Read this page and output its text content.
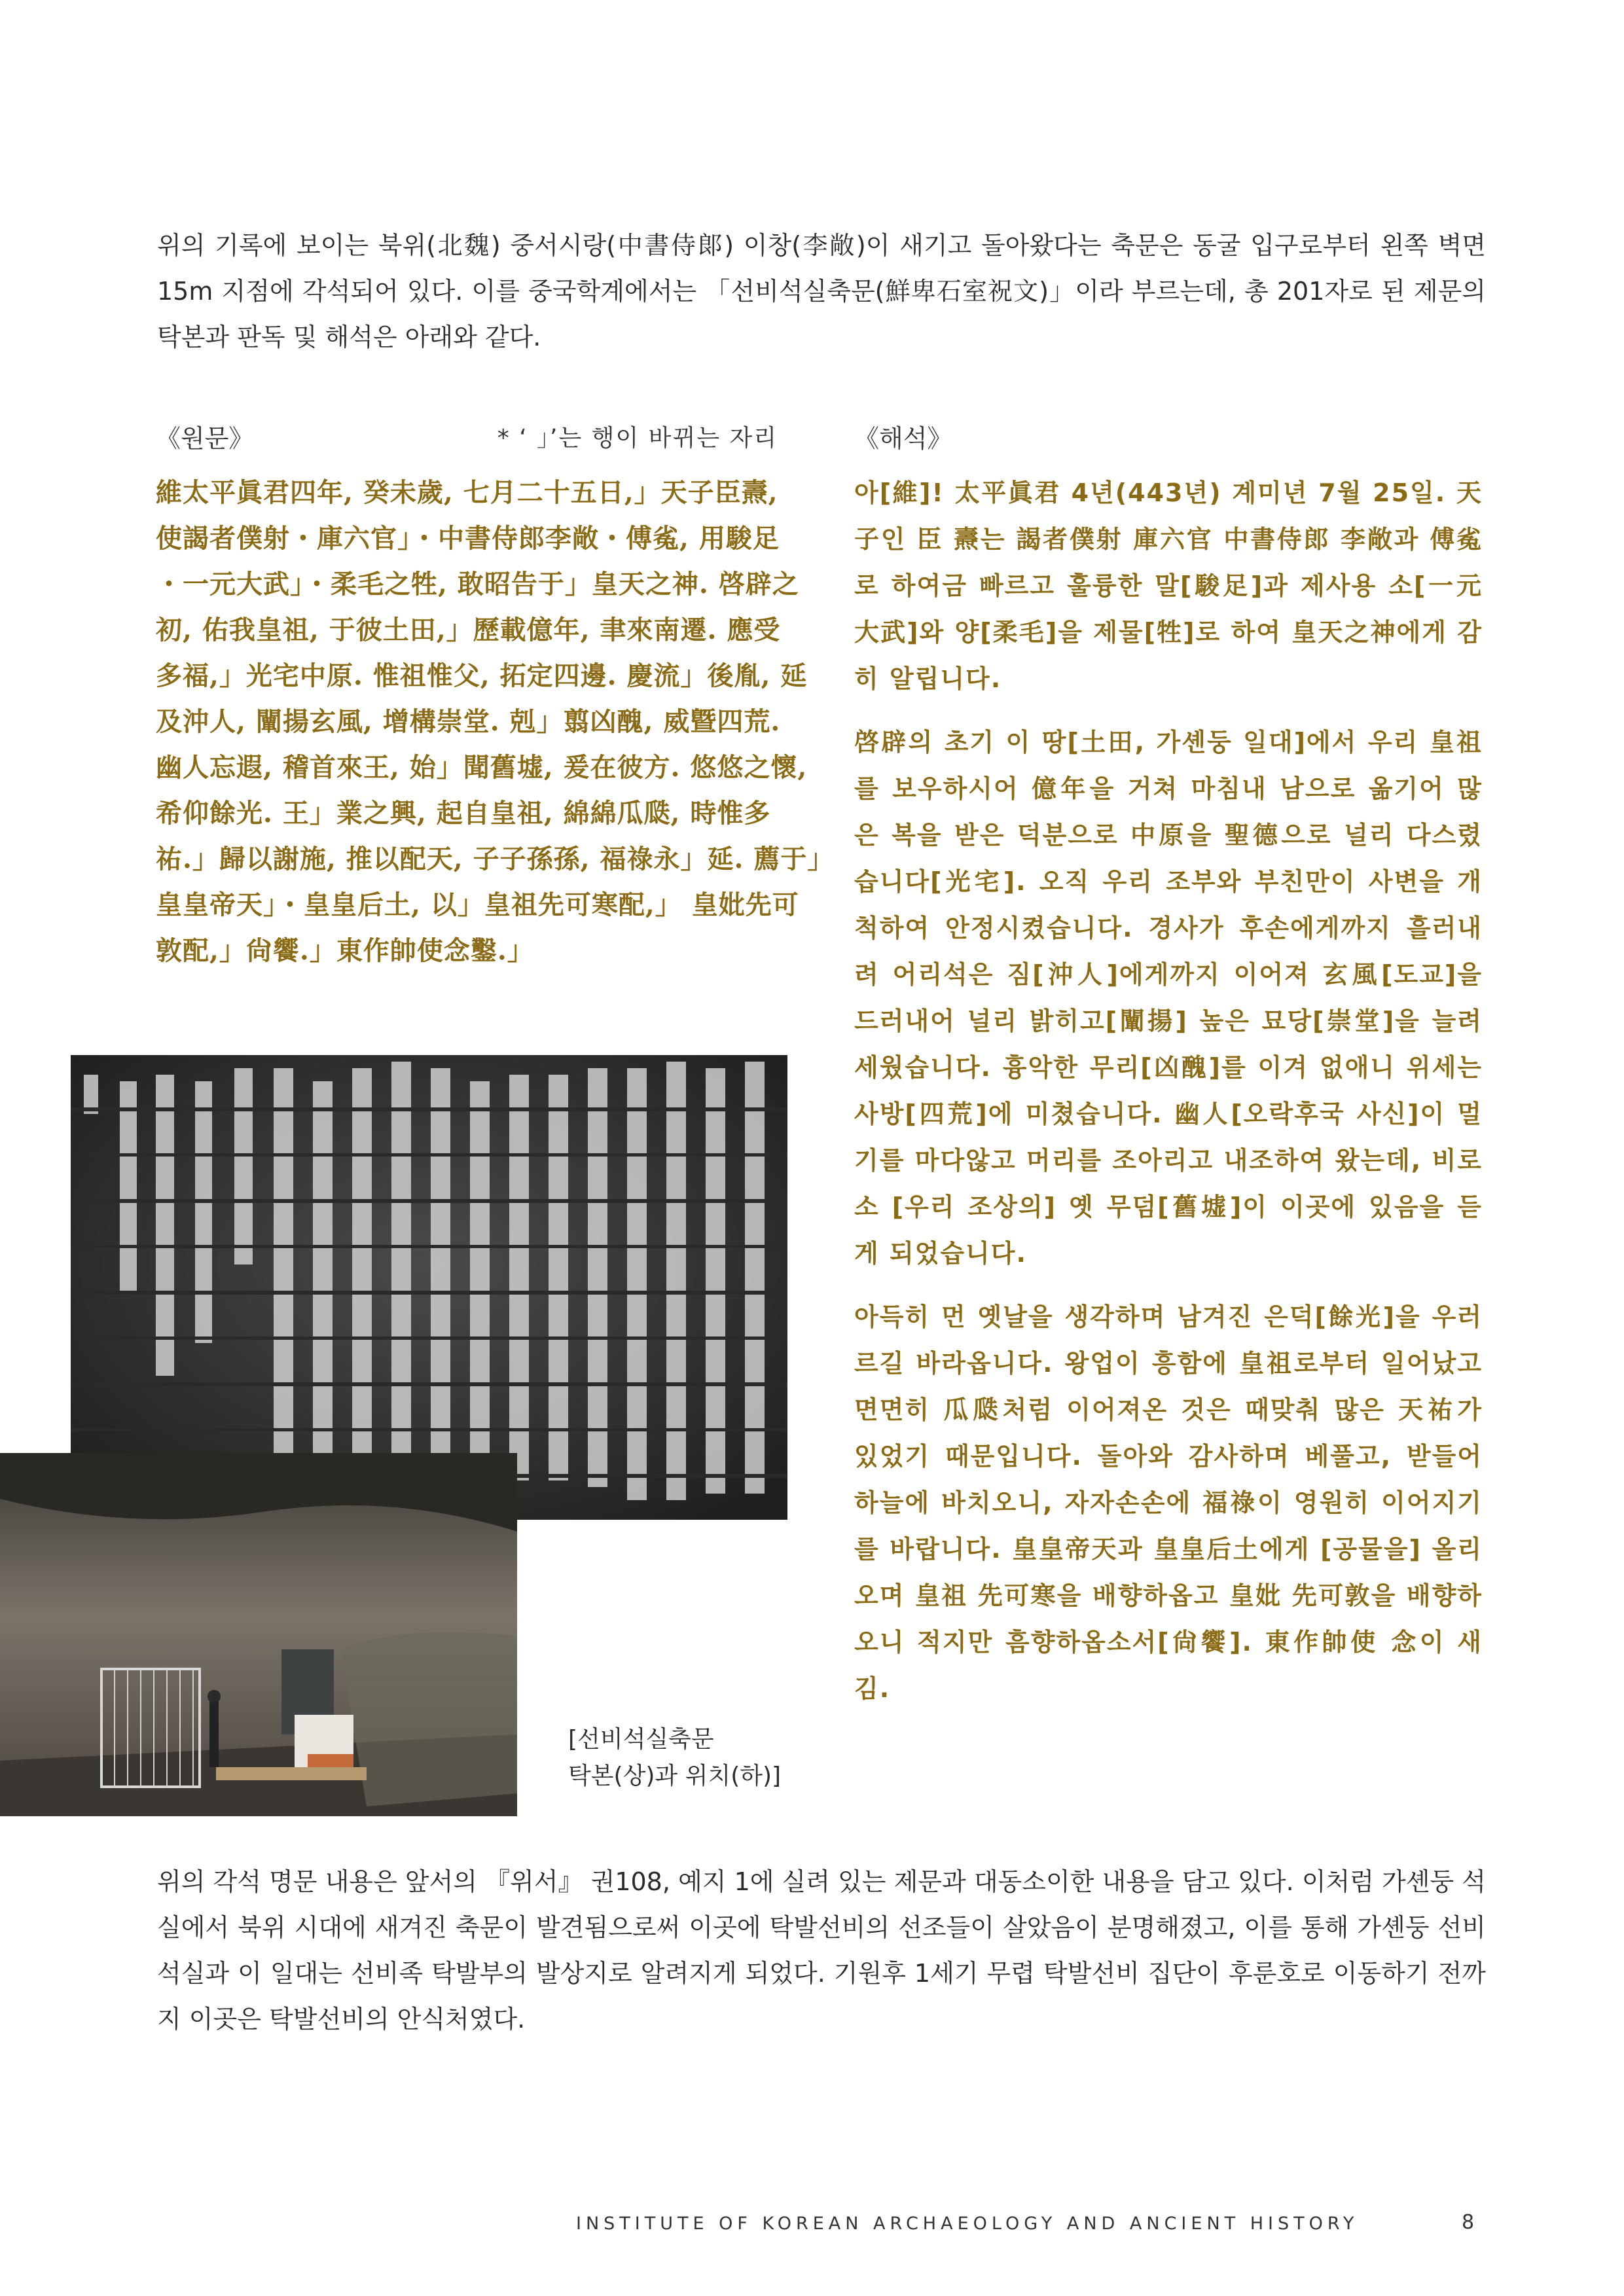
위의 기록에 보이는 북위(北魏) 중서시랑(中書侍郞) 이창(李敞)이 새기고 돌아왔다는 축문은 동굴 입구로부터 왼쪽 벽면 15m 지점에 각석되어 있다. 이를 중국학계에서는 「선비석실축문(鮮卑石室祝文)」이라 부르는데, 총 201자로 된 제문의 탁본과 판독 및 해석은 아래와 같다.

《원문》	* ‘ 」’는 행이 바뀌는 자리
維太平眞君四年, 癸未歲, 七月二十五日,」天子臣燾,
使謁者僕射・庫六官」・中書侍郎李敞・傅㝹, 用駿足
・一元大武」・柔毛之牲, 敢昭告于」皇天之神. 啓辟之
初, 佑我皇祖, 于彼土田,」歷載億年, 聿來南遷. 應受
多福,」光宅中原. 惟祖惟父, 拓定四邊. 慶流」後胤, 延
及沖人, 闡揚玄風, 增構崇堂. 剋」翦凶醜, 威曁四荒.
幽人忘遐, 稽首來王, 始」聞舊墟, 爰在彼方. 悠悠之懷,
希仰餘光. 王」業之興, 起自皇祖, 綿綿瓜瓞, 時惟多
祐.」歸以謝施, 推以配天, 子子孫孫, 福祿永」延. 薦于」
皇皇帝天」・皇皇后土, 以」皇祖先可寒配,」 皇妣先可
敦配,」尙饗.」東作帥使念鑿.」
《해석》

아[維]! 太平眞君 4년(443년) 계미년 7월 25일. 天子인 臣 燾는 謁者僕射 庫六官 中書侍郎 李敞과 傅㝹로 하여금 빠르고 훌륭한 말[駿足]과 제사용 소[一元大武]와 양[柔毛]을 제물[牲]로 하여 皇天之神에게 감히 알립니다.

啓辟의 초기 이 땅[土田, 가셴둥 일대]에서 우리 皇祖를 보우하시어 億年을 거쳐 마침내 남으로 옮기어 많은 복을 받은 덕분으로 中原을 聖德으로 널리 다스렸습니다[光宅]. 오직 우리 조부와 부친만이 사변을 개척하여 안정시켰습니다. 경사가 후손에게까지 흘러내려 어리석은 짐[沖人]에게까지 이어져 玄風[도교]을 드러내어 널리 밝히고[闡揚] 높은 묘당[崇堂]을 늘려 세웠습니다. 흉악한 무리[凶醜]를 이겨 없애니 위세는 사방[四荒]에 미쳤습니다. 幽人[오락후국 사신]이 멀기를 마다않고 머리를 조아리고 내조하여 왔는데, 비로소 [우리 조상의] 옛 무덤[舊墟]이 이곳에 있음을 듣게 되었습니다.

아득히 먼 옛날을 생각하며 남겨진 은덕[餘光]을 우러르길 바라옵니다. 왕업이 흥함에 皇祖로부터 일어났고 면면히 瓜瓞처럼 이어져온 것은 때맞춰 많은 天祐가 있었기 때문입니다. 돌아와 감사하며 베풀고, 받들어 하늘에 바치오니, 자자손손에 福祿이 영원히 이어지기를 바랍니다. 皇皇帝天과 皇皇后土에게 [공물을] 올리오며 皇祖 先可寒을 배향하옵고 皇妣 先可敦을 배향하오니 적지만 흠향하옵소서[尙饗]. 東作帥使 念이 새김.

[선비석실축문
탁본(상)과 위치(하)]

위의 각석 명문 내용은 앞서의 『위서』 권108, 예지 1에 실려 있는 제문과 대동소이한 내용을 담고 있다. 이처럼 가셴둥 석실에서 북위 시대에 새겨진 축문이 발견됨으로써 이곳에 탁발선비의 선조들이 살았음이 분명해졌고, 이를 통해 가셴둥 선비 석실과 이 일대는 선비족 탁발부의 발상지로 알려지게 되었다. 기원후 1세기 무렵 탁발선비 집단이 후룬호로 이동하기 전까지 이곳은 탁발선비의 안식처였다.

INSTITUTE OF KOREAN ARCHAEOLOGY AND ANCIENT HISTORY	8
